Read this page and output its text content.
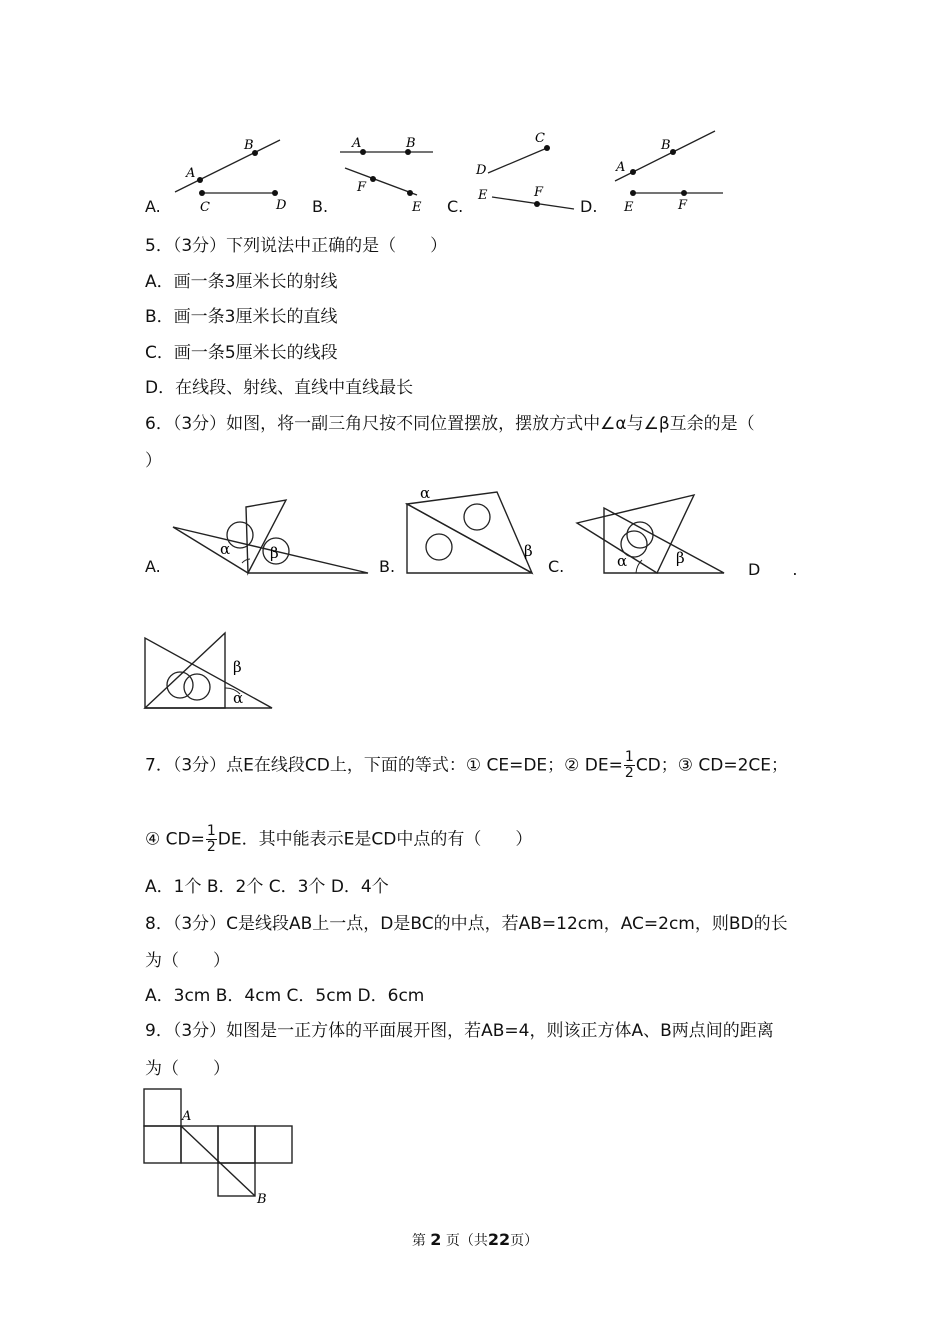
A.
A
B
C	D B.
A	B
F
E C.
C
D
E	F
D.
A
B
E	F
5．（3分）下列说法中正确的是（　　）
A．画一条3厘米长的射线
B．画一条3厘米长的直线
C．画一条5厘米长的线段
D．在线段、射线、直线中直线最长
6．（3分）如图，将一副三角尺按不同位置摆放，摆放方式中∠α与∠β互余的是（
）
A.
α	β
B.
α
β
C.	α	β
D　　.
β
α
7．（3分）点E在线段CD上，下面的等式：① CE=DE；② $DE= \frac{1}{2}$ CD；③ CD=2CE；
④ $CD= \frac{1}{2}$ DE．其中能表示E是CD中点的有（　　）
A．1个 B．2个 C．3个 D．4个
8．（3分）C是线段AB上一点，D是BC的中点，若AB=12cm，AC=2cm，则BD的长
为（　　）
A．3cm B．4cm C．5cm D．6cm
9．（3分）如图是一正方体的平面展开图，若AB=4，则该正方体A、B两点间的距离
为（　　）
A
B
第 2 页（共22页）
